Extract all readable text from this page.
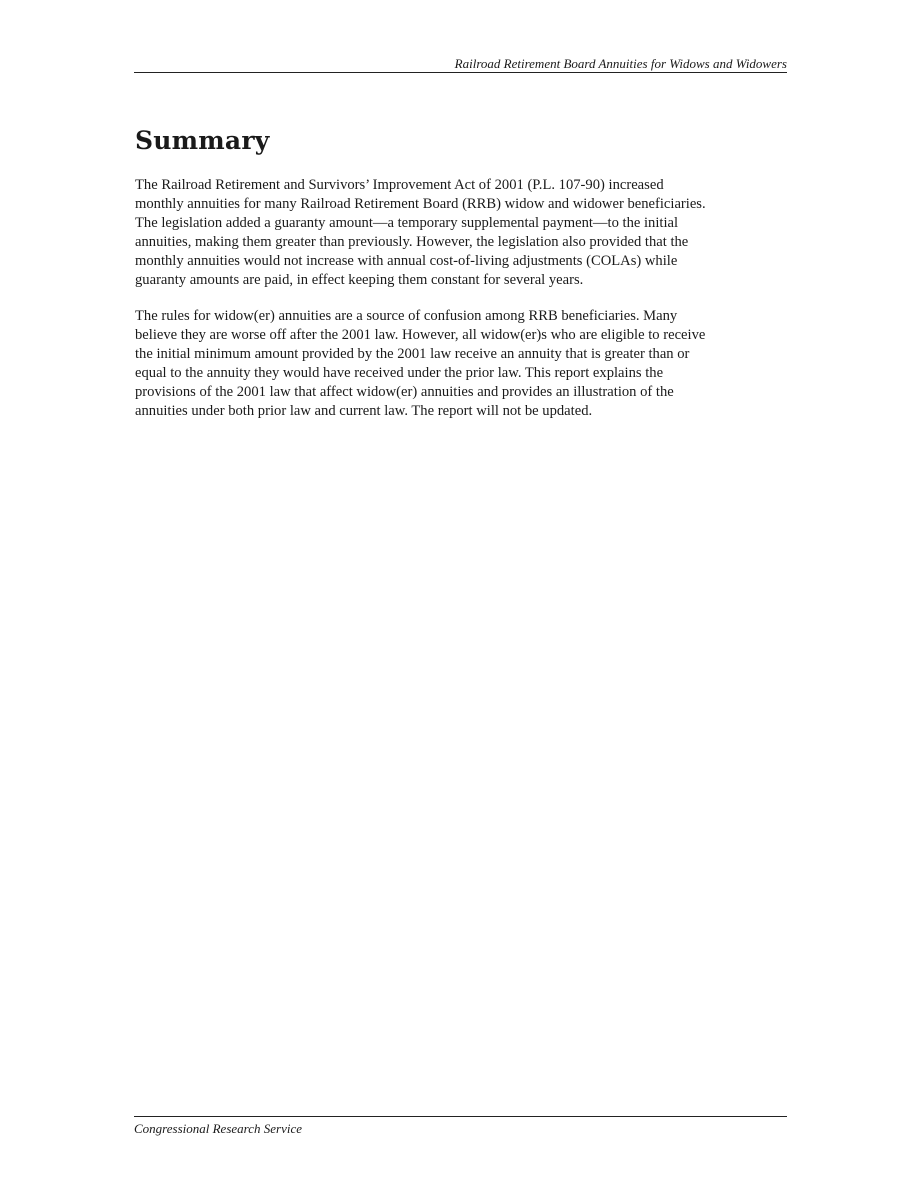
Railroad Retirement Board Annuities for Widows and Widowers
Summary

The Railroad Retirement and Survivors’ Improvement Act of 2001 (P.L. 107-90) increased
monthly annuities for many Railroad Retirement Board (RRB) widow and widower beneficiaries.
The legislation added a guaranty amount—a temporary supplemental payment—to the initial
annuities, making them greater than previously. However, the legislation also provided that the
monthly annuities would not increase with annual cost-of-living adjustments (COLAs) while
guaranty amounts are paid, in effect keeping them constant for several years.

The rules for widow(er) annuities are a source of confusion among RRB beneficiaries. Many
believe they are worse off after the 2001 law. However, all widow(er)s who are eligible to receive
the initial minimum amount provided by the 2001 law receive an annuity that is greater than or
equal to the annuity they would have received under the prior law. This report explains the
provisions of the 2001 law that affect widow(er) annuities and provides an illustration of the
annuities under both prior law and current law. The report will not be updated.

Congressional Research Service
